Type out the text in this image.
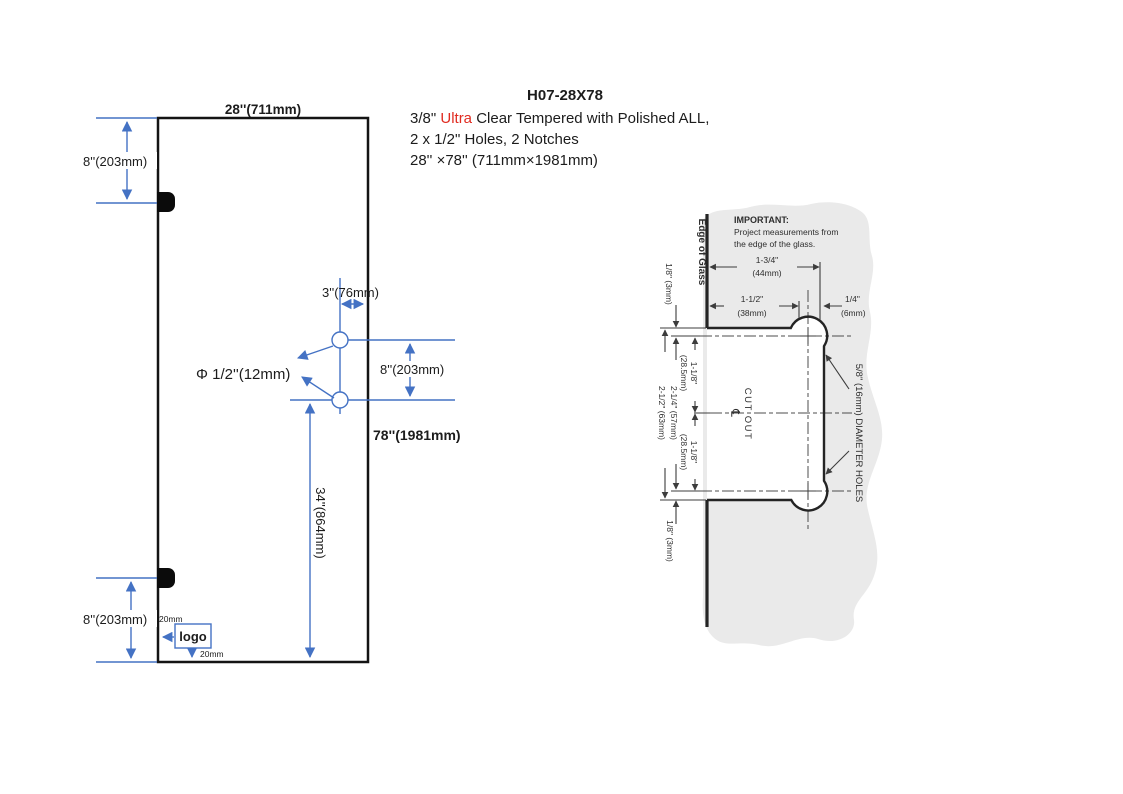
H07-28X78
3/8" Ultra Clear Tempered with Polished ALL,
2 x 1/2" Holes, 2 Notches
28'' ×78'' (711mm×1981mm)
28''(711mm)
8''(203mm)
8''(203mm)
3''(76mm)
8''(203mm)
Φ 1/2''(12mm)
78''(1981mm)
34''(864mm)
logo
20mm
20mm
Edge of Glass	IMPORTANT:
Project measurements from
the edge of the glass.
1-3/4"
(44mm)
1-1/2"
(38mm)
1/4"
(6mm)
2-1/2" (63mm) 2-1/4" (57mm)
1-1/8"(28.5mm)
1-1/8"(28.5mm)
1/8" (3mm)
1/8" (3mm)
CUT OUT
℄	5/8" (16mm) DIAMETER HOLES
